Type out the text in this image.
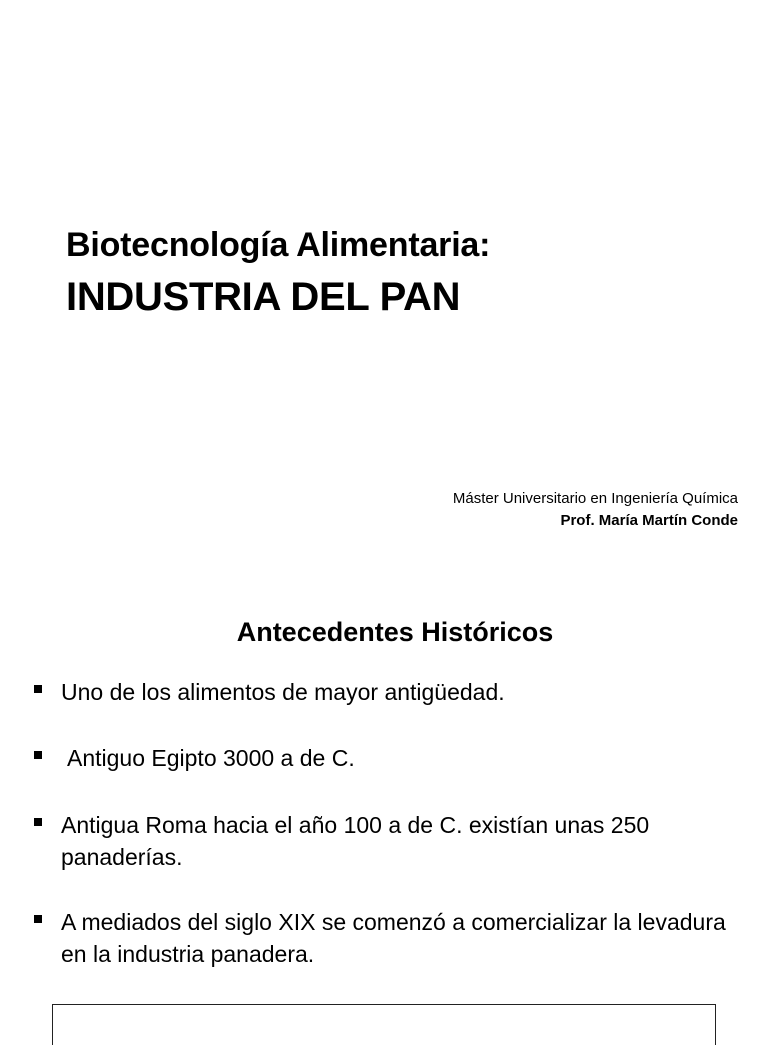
Biotecnología Alimentaria:
INDUSTRIA DEL PAN
Máster Universitario en Ingeniería Química
Prof. María Martín Conde
Antecedentes Históricos
Uno de los alimentos de mayor antigüedad.
Antiguo Egipto 3000 a de C.
Antigua Roma hacia el año 100 a de C. existían unas 250 panaderías.
A mediados del siglo XIX se comenzó a comercializar la levadura en la industria panadera.
